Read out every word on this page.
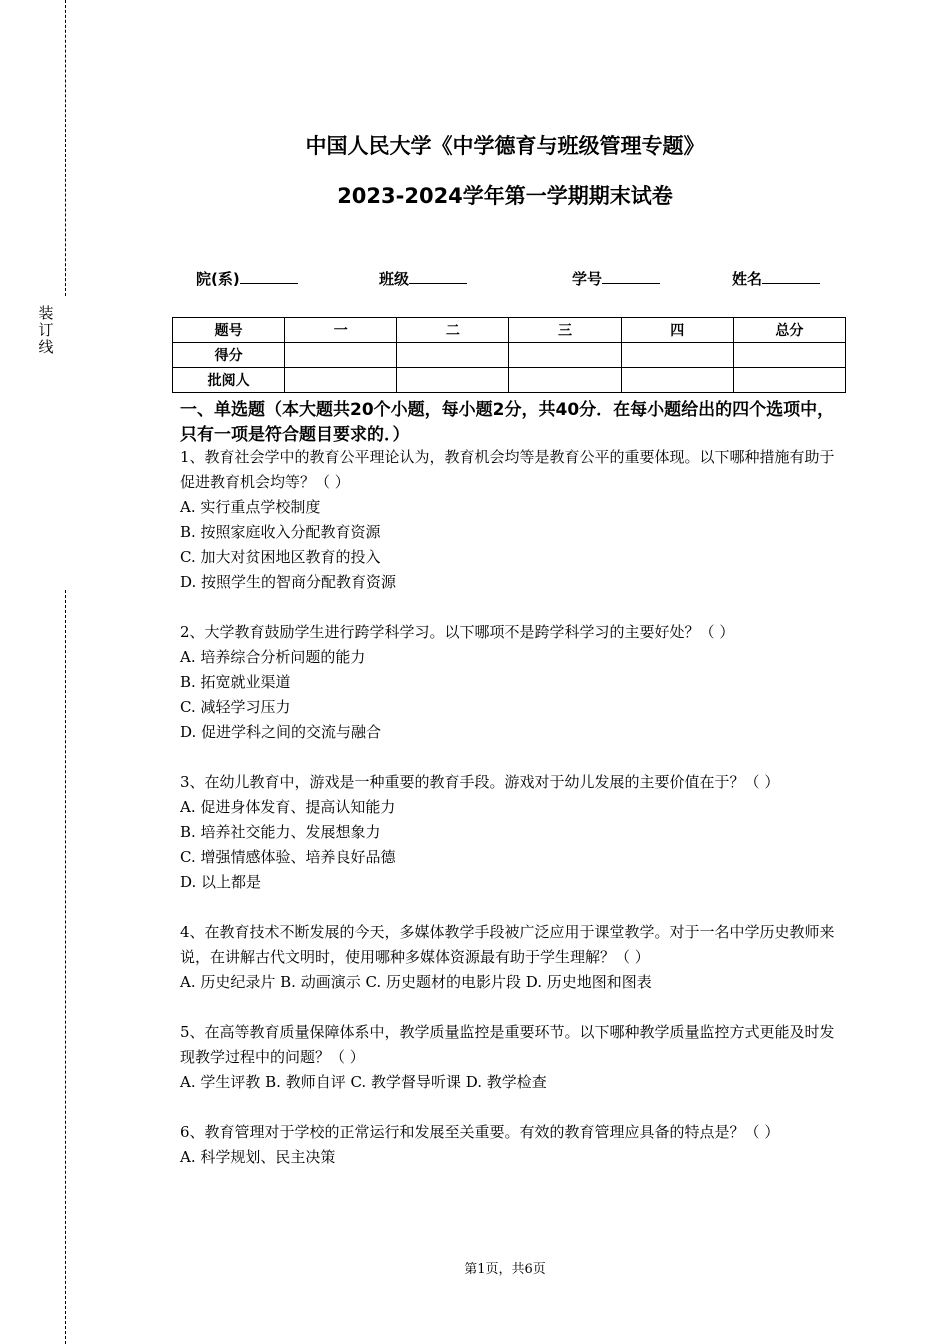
装
订
线
中国人民大学《中学德育与班级管理专题》
2023-2024学年第一学期期末试卷
院(系)	班级	学号	姓名
题号	一	二	三	四	总分
得分					
批阅人					
一、单选题（本大题共20个小题，每小题2分，共40分．在每小题给出的四个选项中，只有一项是符合题目要求的．）

1、教育社会学中的教育公平理论认为，教育机会均等是教育公平的重要体现。以下哪种措施有助于促进教育机会均等？（ ）

A. 实行重点学校制度

B. 按照家庭收入分配教育资源

C. 加大对贫困地区教育的投入

D. 按照学生的智商分配教育资源

2、大学教育鼓励学生进行跨学科学习。以下哪项不是跨学科学习的主要好处？（ ）

A. 培养综合分析问题的能力

B. 拓宽就业渠道

C. 减轻学习压力

D. 促进学科之间的交流与融合

3、在幼儿教育中，游戏是一种重要的教育手段。游戏对于幼儿发展的主要价值在于？（ ）

A. 促进身体发育、提高认知能力

B. 培养社交能力、发展想象力

C. 增强情感体验、培养良好品德

D. 以上都是

4、在教育技术不断发展的今天，多媒体教学手段被广泛应用于课堂教学。对于一名中学历史教师来说，在讲解古代文明时，使用哪种多媒体资源最有助于学生理解？（ ）

A. 历史纪录片 B. 动画演示 C. 历史题材的电影片段 D. 历史地图和图表

5、在高等教育质量保障体系中，教学质量监控是重要环节。以下哪种教学质量监控方式更能及时发现教学过程中的问题？（ ）

A. 学生评教 B. 教师自评 C. 教学督导听课 D. 教学检查

6、教育管理对于学校的正常运行和发展至关重要。有效的教育管理应具备的特点是？（ ）

A. 科学规划、民主决策

第1页，共6页
